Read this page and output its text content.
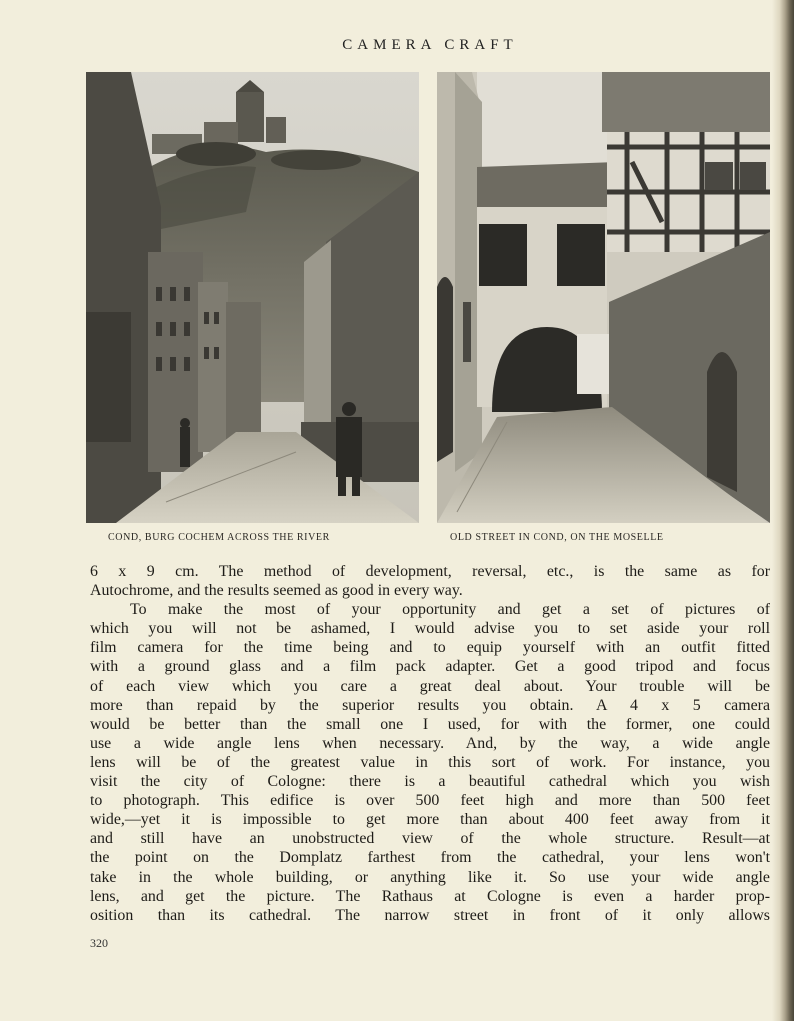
CAMERA CRAFT
COND, BURG COCHEM ACROSS THE RIVER	OLD STREET IN COND, ON THE MOSELLE
6 x 9 cm. The method of development, reversal, etc., is the same as for
Autochrome, and the results seemed as good in every way.
To make the most of your opportunity and get a set of pictures of
which you will not be ashamed, I would advise you to set aside your roll
film camera for the time being and to equip yourself with an outfit fitted
with a ground glass and a film pack adapter. Get a good tripod and focus
of each view which you care a great deal about. Your trouble will be
more than repaid by the superior results you obtain. A 4 x 5 camera
would be better than the small one I used, for with the former, one could
use a wide angle lens when necessary. And, by the way, a wide angle
lens will be of the greatest value in this sort of work. For instance, you
visit the city of Cologne: there is a beautiful cathedral which you wish
to photograph. This edifice is over 500 feet high and more than 500 feet
wide,—yet it is impossible to get more than about 400 feet away from it
and still have an unobstructed view of the whole structure. Result—at
the point on the Domplatz farthest from the cathedral, your lens won't
take in the whole building, or anything like it. So use your wide angle
lens, and get the picture. The Rathaus at Cologne is even a harder prop-
osition than its cathedral. The narrow street in front of it only allows
320
